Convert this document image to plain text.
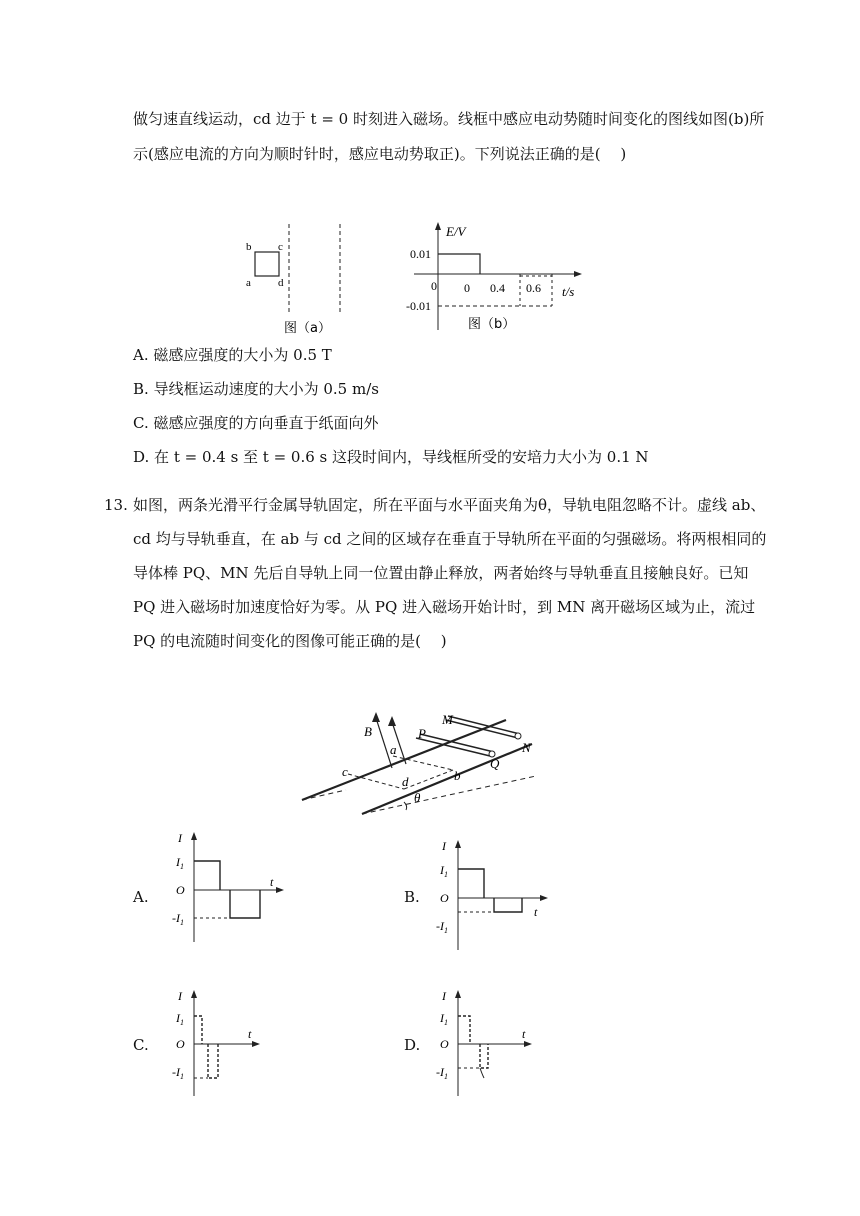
做匀速直线运动，cd 边于 t = 0 时刻进入磁场。线框中感应电动势随时间变化的图线如图(b)所
示(感应电流的方向为顺时针时，感应电动势取正)。下列说法正确的是(　 )
b c
a d
图（a）
E/V
t/s
0.01
-0.01
0 0 0.4 0.6
图（b）
A. 磁感应强度的大小为 0.5 T
B. 导线框运动速度的大小为 0.5 m/s
C. 磁感应强度的方向垂直于纸面向外
D. 在 t = 0.4 s 至 t = 0.6 s 这段时间内，导线框所受的安培力大小为 0.1 N
13. 如图，两条光滑平行金属导轨固定，所在平面与水平面夹角为θ，导轨电阻忽略不计。虚线 ab、
cd 均与导轨垂直，在 ab 与 cd 之间的区域存在垂直于导轨所在平面的匀强磁场。将两根相同的
导体棒 PQ、MN 先后自导轨上同一位置由静止释放，两者始终与导轨垂直且接触良好。已知
PQ 进入磁场时加速度恰好为零。从 PQ 进入磁场开始计时，到 MN 离开磁场区域为止，流过
PQ 的电流随时间变化的图像可能正确的是(　 )
B
M
P
a	N
Q
c
d	b
θ
A.	B.
C.	D.
I
$I_1$
O
$-I_1$
t
I
$I_1$
O
$-I_1$
t
I
$I_1$
O
$-I_1$
t
I
$I_1$
O
$-I_1$
t
